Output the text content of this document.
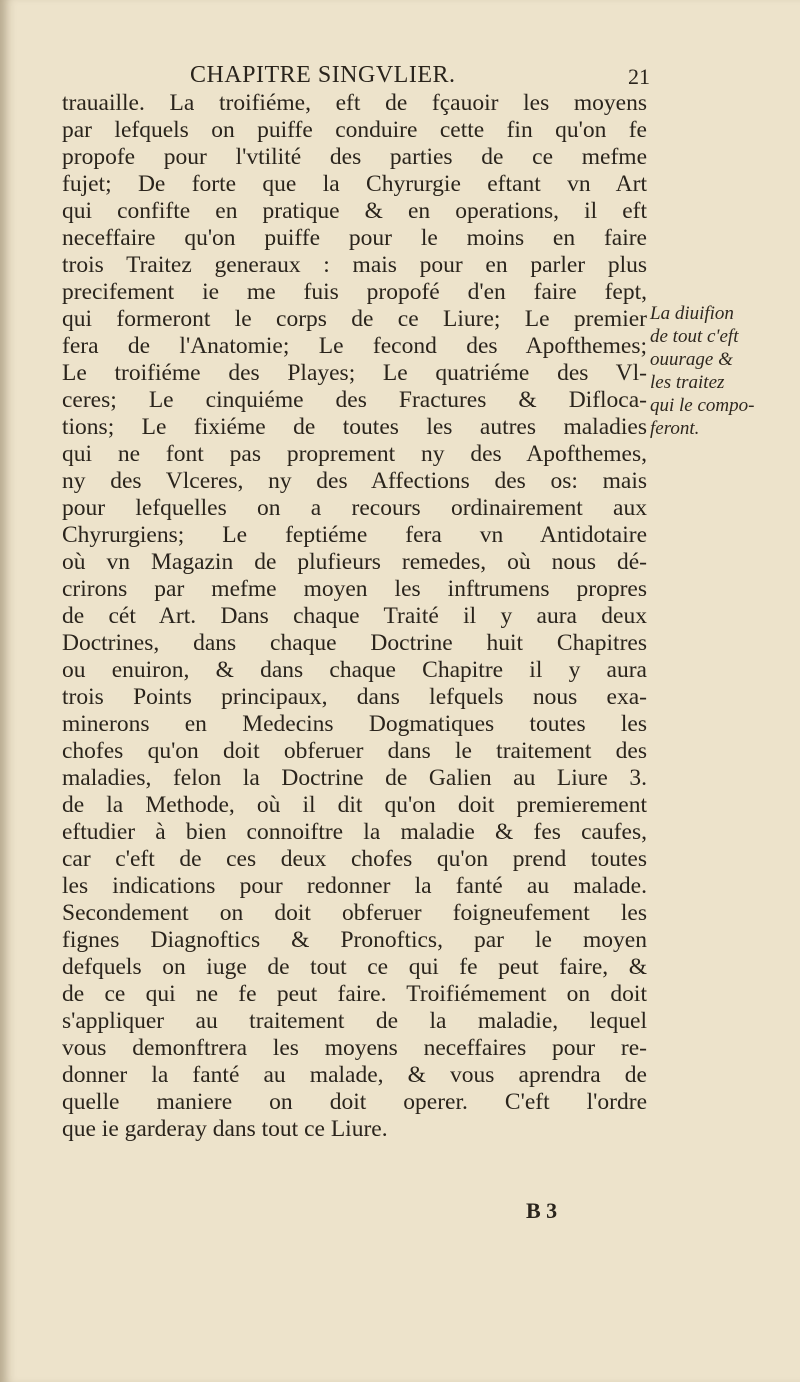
CHAPITRE SINGVLIER.	21
trauaille. La troifiéme, eft de fçauoir les moyens
par lefquels on puiffe conduire cette fin qu'on fe
propofe pour l'vtilité des parties de ce mefme
fujet; De forte que la Chyrurgie eftant vn Art
qui confifte en pratique & en operations, il eft
neceffaire qu'on puiffe pour le moins en faire
trois Traitez generaux : mais pour en parler plus
precifement ie me fuis propofé d'en faire fept,
qui formeront le corps de ce Liure; Le premier
fera de l'Anatomie; Le fecond des Apofthemes;
Le troifiéme des Playes; Le quatriéme des Vl-
ceres; Le cinquiéme des Fractures & Difloca-
tions; Le fixiéme de toutes les autres maladies
qui ne font pas proprement ny des Apofthemes,
ny des Vlceres, ny des Affections des os: mais
pour lefquelles on a recours ordinairement aux
Chyrurgiens; Le feptiéme fera vn Antidotaire
où vn Magazin de plufieurs remedes, où nous dé-
crirons par mefme moyen les inftrumens propres
de cét Art. Dans chaque Traité il y aura deux
Doctrines, dans chaque Doctrine huit Chapitres
ou enuiron, & dans chaque Chapitre il y aura
trois Points principaux, dans lefquels nous exa-
minerons en Medecins Dogmatiques toutes les
chofes qu'on doit obferuer dans le traitement des
maladies, felon la Doctrine de Galien au Liure 3.
de la Methode, où il dit qu'on doit premierement
eftudier à bien connoiftre la maladie & fes caufes,
car c'eft de ces deux chofes qu'on prend toutes
les indications pour redonner la fanté au malade.
Secondement on doit obferuer foigneufement les
fignes Diagnoftics & Pronoftics, par le moyen
defquels on iuge de tout ce qui fe peut faire, &
de ce qui ne fe peut faire. Troifiémement on doit
s'appliquer au traitement de la maladie, lequel
vous demonftrera les moyens neceffaires pour re-
donner la fanté au malade, & vous aprendra de
quelle maniere on doit operer. C'eft l'ordre
que ie garderay dans tout ce Liure.
La diuifion
de tout c'eft
ouurage &
les traitez
qui le compo-
feront.
B 3
